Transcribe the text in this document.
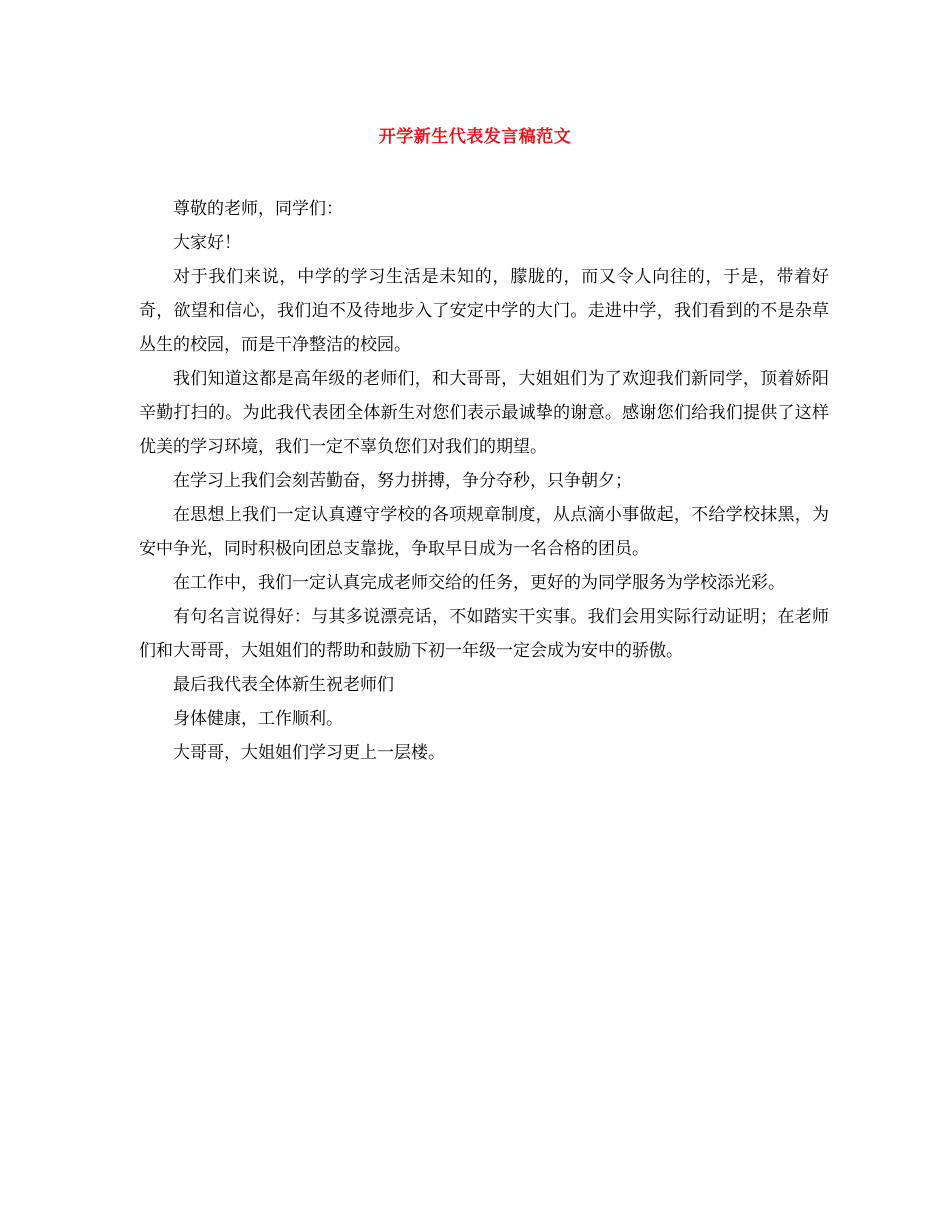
开学新生代表发言稿范文

尊敬的老师，同学们：

大家好！

对于我们来说，中学的学习生活是未知的，朦胧的，而又令人向往的，于是，带着好奇，欲望和信心，我们迫不及待地步入了安定中学的大门。走进中学，我们看到的不是杂草丛生的校园，而是干净整洁的校园。

我们知道这都是高年级的老师们，和大哥哥，大姐姐们为了欢迎我们新同学，顶着娇阳辛勤打扫的。为此我代表团全体新生对您们表示最诚挚的谢意。感谢您们给我们提供了这样优美的学习环境，我们一定不辜负您们对我们的期望。

在学习上我们会刻苦勤奋，努力拼搏，争分夺秒，只争朝夕；

在思想上我们一定认真遵守学校的各项规章制度，从点滴小事做起，不给学校抹黑，为安中争光，同时积极向团总支靠拢，争取早日成为一名合格的团员。

在工作中，我们一定认真完成老师交给的任务，更好的为同学服务为学校添光彩。

有句名言说得好：与其多说漂亮话，不如踏实干实事。我们会用实际行动证明；在老师们和大哥哥，大姐姐们的帮助和鼓励下初一年级一定会成为安中的骄傲。

最后我代表全体新生祝老师们

身体健康，工作顺利。

大哥哥，大姐姐们学习更上一层楼。
